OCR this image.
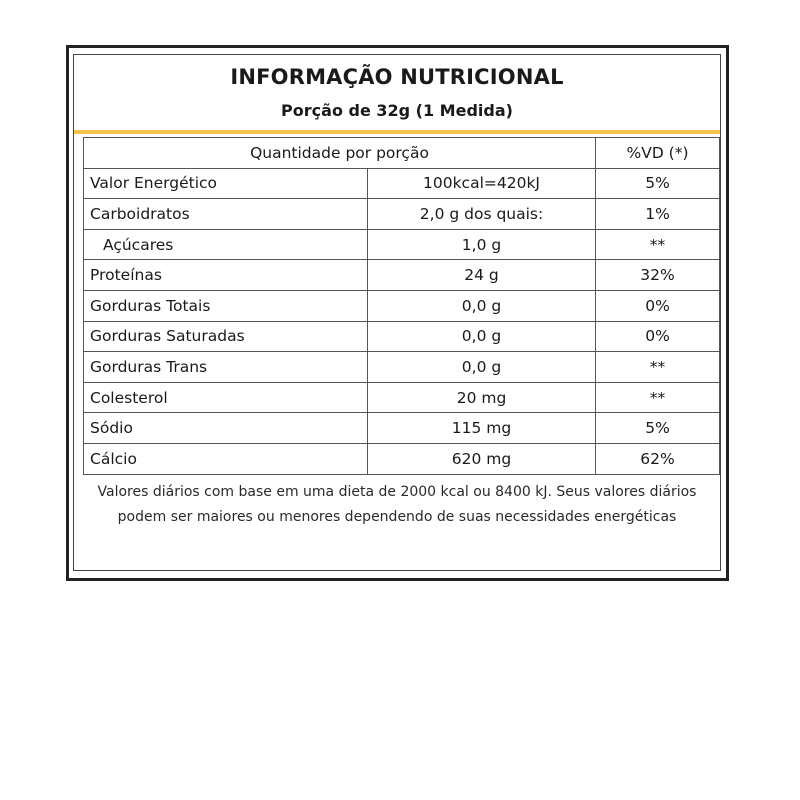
INFORMAÇÃO NUTRICIONAL
Porção de 32g (1 Medida)
Quantidade por porção		%VD (*)
Valor Energético	100kcal=420kJ	5%
Carboidratos	2,0 g dos quais:	1%
Açúcares	1,0 g	**
Proteínas	24 g	32%
Gorduras Totais	0,0 g	0%
Gorduras Saturadas	0,0 g	0%
Gorduras Trans	0,0 g	**
Colesterol	20 mg	**
Sódio	115 mg	5%
Cálcio	620 mg	62%
Valores diários com base em uma dieta de 2000 kcal ou 8400 kJ. Seus valores diários podem ser maiores ou menores dependendo de suas necessidades energéticas
